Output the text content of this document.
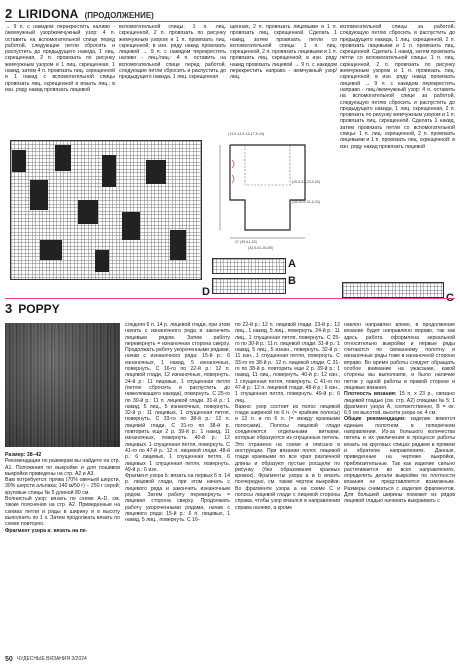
2 LIRIDONA (ПРОДОЛЖЕНИЕ)

→ 9 п. с накидом перекрестить наливо - (жемчужный узор/жемчужный узор: 4 п. оставить на вспомогательной спице перед работой, следующие петли сбросить и распустить до предыдущего накида, 1 лиц. скрещенная, 2 п. провязать по рисунку жемчужным узором и 1 лиц. скрещенная, 1 накид, затем 4 п. провязать лиц. скрещенной и 1 накид с вспомогательной спицы провязать лиц. скрещенной и вязать лиц.; в изн. ряду накид провязать лицевой

вспомогательной спицы: 1 п. лиц. скрещенной, 2 п. провязать по рисунку жемчужным узором и 1 п. провязать лиц. скрещенной; в изн. ряду накид провязать лицевой → 9 п. с накидом перекрестить наливо - лиц./лиц.: 4 п. оставить на вспомогательной спице перед работой, следующие петли сбросить и распустить до предыдущего накида, 1 лиц. скрещенная

щенная, 2 п. провязать лицевыми и 1 п. провязать лиц. скрещенной. Сделать 1 накид, затем провязать петли со вспомогательной спицы: 1 п. лиц. скрещенной, 2 п. провязать лицевыми и 1 п. провязать лиц. скрещенной; в изн. ряду накид провязать лицевой → 9 п. с накидом перекрестить направо - жемчужный узор/лиц.

вспомогательной спицы за работой, следующую петлю сбросить и распустить до предыдущего накида, 1 лиц. скрещенной, 2 п. провязать лицевыми и 1 п. провязать лиц. скрещенной. Сделать 1 накид, затем провязать петли со вспомогательной спицы: 1 п. лиц. скрещенной, 2 п. провязать по рисунку жемчужным узором и 1 п. провязать лиц. скрещенной; в изн. ряду накид провязать лицевой → 9 п. с накидом перекрестить направо - лиц./жемчужный узор: 4 п. оставить на вспомогательной спице за работой, следующую петлю сбросить и распустить до предыдущего накида, 1 лиц. скрещенная, 2 п. провязать по рисунку жемчужным узором и 1 п. провязать лиц. скрещенной. Сделать 1 накид, затем провязать петли со вспомогательной спицы: 1 п. лиц. скрещенной, 2 п. провязать лицевыми и 1 п. провязать лиц. скрещенной; в изн. ряду накид провязать лицевой

D
(13,5-14,5-16-17,5-19)
(20,5-22-23,5-25)
(28-29,5-31,5-33)
37 (39-41-33)
(43,5-51-55-59)
A
B
3 POPPY

Размер: 38–42

Рекомендации по размерам вы найдете на стр. A1. Положения по выкройке и для пошивов выкройки приведены на стр. A2 и A3.

Вам потребуется: пряжа (70% овечьей шерсти, 30% шерсти альпака; 140 м/50 г) – 250 г серой; круговые спицы № 5 длиной 80 см.

Волнистый узор: вязать по схеме A–D, см. также пояснения на стр. A2. Приведенные на схемах петли и ряды в ширину и в высоту выполнить по 1 х. Затем продолжать вязать по схеме повторно.

Фрагмент узора a: вязать на пе-

следняя 6 п. 14 р. лицевой глади, при этом начать с изнаночного ряда и закончить лицевым рядом. Затем работу перевернуть = изнаночная сторона сверху. Продолжать работу укороченными рядами, начав с изнаночного ряда: 15-й р.: 6 изнаночных, 1 накид, 5 изнаночных, повернуть. С 16-го по 22-й р.: 12 п. лицевой глади, 12 изнаночных, повернуть. 24-й р.: 11 лицевых, 1 спущенная петля (петлю сбросить и распустить до нижележащего накида), повернуть. С 25-го по 30-й р.: 11 п. лицевой глади. 31-й р.: 1 накид, 5 лиц., 5 изнаночных, повернуть. 32-й р.: 11 лицевых, 1 спущенная петля, повернуть. С 33-го по 38-й р.: 12 п. лицевой глади. С 31-го по 38-й р. повторить еще 2 р. 39-й р.: 1 накид, 11 изнаночных, повернуть. 40-й р.: 12 лицевых. 1 спущенная петля, повернуть. С 41-го по 47-й р.: 12 п. лицевой глади. 48-й р.: 6 лицевых, 1 спущенная петля, 6 лицевых 1 спущенная петля, повернуть. 49-й р.: 6 изн.

Фрагмент узора b: вязать на первых 6 п. 14 р. лицевой глади, при этом начать с лицевого ряда и закончить изнаночным рядом. Затем работу перевернуть = лицевая сторона сверху. Продолжать работу укороченными рядами, начав с лицевого ряда: 15-й р.: 6 п. лицевых, 1 накид, 5 лиц., повернуть. С 16-

по 22-й р.: 12 п. лицевой глади. 23-й р.: 12 лиц., 1 накид, 5 лиц., повернуть. 24-й р.: 11 лиц., 1 спущенная петля, повернуть. С 25-го по 30-й р.: 11 п. лицевой глади. 31-й р.: 1 накид, 5 лиц., 5 изнан., повернуть. 32-й р.: 11 изн., 1 спущенная петля, повернуть. С 33-го по 38-й р.: 12 п. лицевой глади. С 31-го по 38-й р. повторить еще 2 р. 39-й р.: 1 накид, 11 лиц., повернуть. 40-й р.: 12 изн., 1 спущенная петля, повернуть. С 41-го по 47-й р.: 12 п. лицевой глади. 48-й р.: 6 изн., 1 спущенная петля, повернуть. 49-й р.: 6 лиц.

Важно: узор состоит из полос лицевой глади шириной по 6 п. (= крайние полосы) и 12 п. и по 6 п. (= между краевыми полосами). Полосы лицевой глади соединяются отдельными витками, которые образуются из спущенных петель. Это отражено на схеме и описано в инструкции. При вязании полос лицевой глади краевыми по все края различной длины и образуют пустые росщели по рисунку (без образования краевых кромок). Фрагменты узора a и b вязать поочередно, см. также чертеж выкройки. Во фрагменте узора a на схеме С и полосы лицевой глади с лицевой стороны справа, чтобы узор вязался в направлении справа налево, а кроме

наклон направлен влево, в продолжение вязание будет направлено вправо, так как здесь работа оформлена зеркальной относительно выкройки и первые ряды считаются по связанному полотну и изнаночные ряды тоже в изнаночной стороне вправо. Во время работы следует обращать особое внимание на ужасание, какой стороны вы выполнили, и было наличие петли у одной работы в правой стороне и лицевые вязания.

Плотность вязания: 15 п. х 23 р., связано лицевой гладью (см. стр. A2) спицами № 5; 1 фрагмент узора A, соответственно, В = ок. 6,5 см высотой, высота узора ок. 4 см.

Общие рекомендации: изделие вяжется единым полотном в поперечном направлении. Из-за большого количества петель и их увеличения в процессе работы вязать на круговых спицах рядами в прямом и обратном направлениях. Данные, приведенные на чертеже выкройки, приблизительные. Так как изделие сильно растягивается во всех направлениях, определить детали выкройки по плотности вязания не представляется возможным. Размеры сниматься с изделия фрагментов. Для большей ширины поможет из рядов лицевой гладью начинать выкраивать с

50 ЧУДЕСНЫЕ ВЯЗАНИЯ 3/2024
